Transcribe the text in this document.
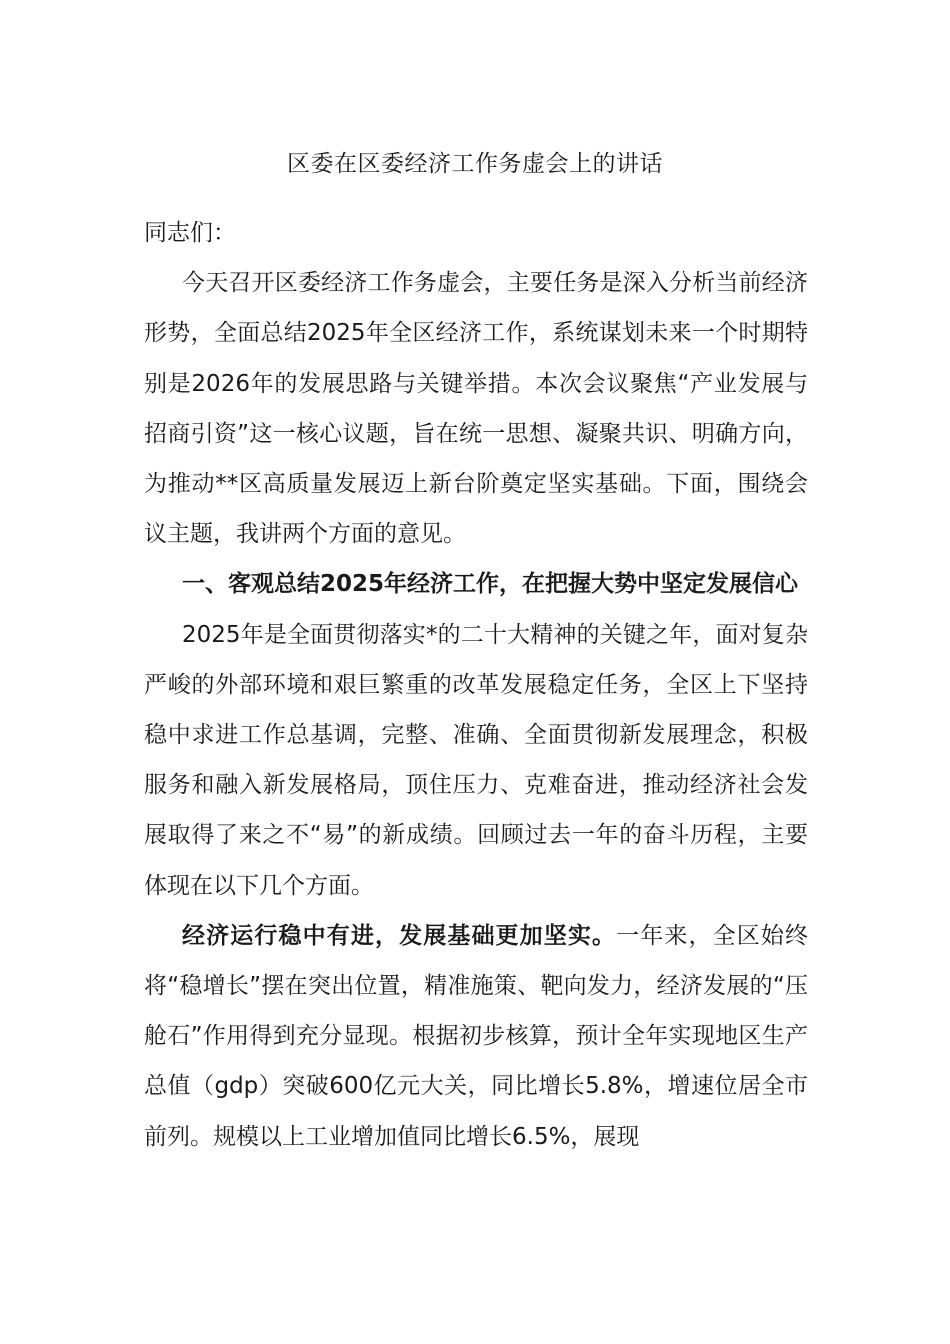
区委在区委经济工作务虚会上的讲话

同志们：

今天召开区委经济工作务虚会，主要任务是深入分析当前经济形势，全面总结2025年全区经济工作，系统谋划未来一个时期特别是2026年的发展思路与关键举措。本次会议聚焦“产业发展与招商引资”这一核心议题，旨在统一思想、凝聚共识、明确方向，为推动**区高质量发展迈上新台阶奠定坚实基础。下面，围绕会议主题，我讲两个方面的意见。

一、客观总结2025年经济工作，在把握大势中坚定发展信心

2025年是全面贯彻落实*的二十大精神的关键之年，面对复杂严峻的外部环境和艰巨繁重的改革发展稳定任务，全区上下坚持稳中求进工作总基调，完整、准确、全面贯彻新发展理念，积极服务和融入新发展格局，顶住压力、克难奋进，推动经济社会发展取得了来之不“易”的新成绩。回顾过去一年的奋斗历程，主要体现在以下几个方面。

经济运行稳中有进，发展基础更加坚实。一年来，全区始终将“稳增长”摆在突出位置，精准施策、靶向发力，经济发展的“压舱石”作用得到充分显现。根据初步核算，预计全年实现地区生产总值（gdp）突破600亿元大关，同比增长5.8%，增速位居全市前列。规模以上工业增加值同比增长6.5%，展现
